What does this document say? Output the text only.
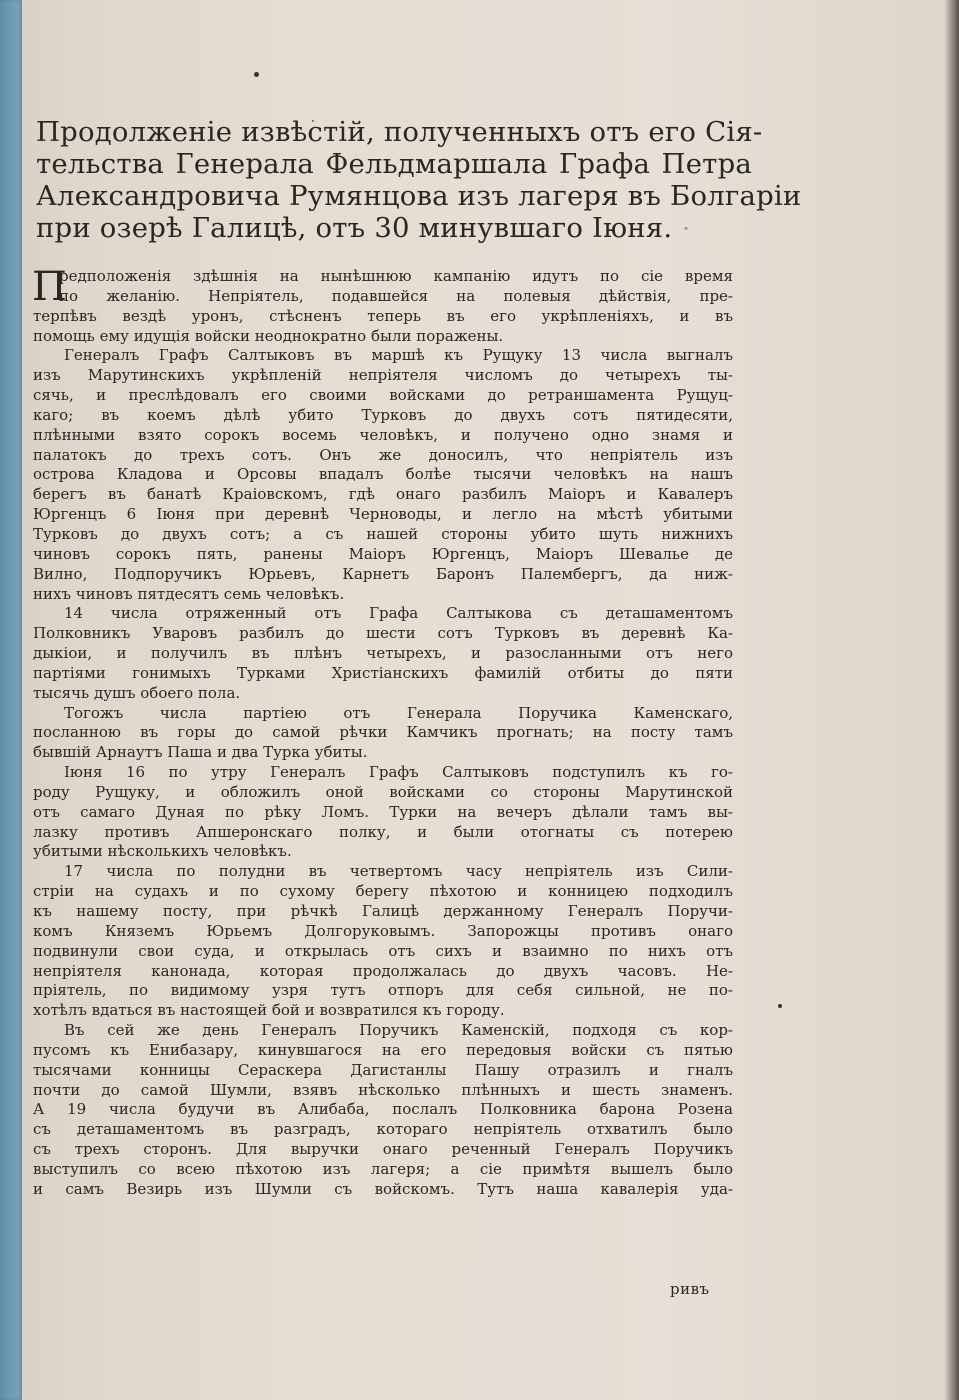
Продолженіе извѣстій, полученныхъ отъ его Сія-
тельства Генерала Фельдмаршала Графа Петра
Александровича Румянцова изъ лагеря въ Болгаріи
при озерѣ Галицѣ, отъ 30 минувшаго Іюня. ·
П
редположенія здѣшнія на нынѣшнюю кампанію идутъ по сіе время
по желанію. Непріятель, подавшейся на полевыя дѣйствія, пре-
терпѣвъ вездѣ уронъ, стѣсненъ теперь въ его укрѣпленіяхъ, и въ
помощь ему идущія войски неоднократно были поражены.
Генералъ Графъ Салтыковъ въ маршѣ къ Рущуку 13 числа выгналъ
изъ Марутинскихъ укрѣпленій непріятеля числомъ до четырехъ ты-
сячь, и преслѣдовалъ его своими войсками до ретраншамента Рущуц-
каго; въ коемъ дѣлѣ убито Турковъ до двухъ сотъ пятидесяти,
плѣнными взято сорокъ восемь человѣкъ, и получено одно знамя и
палатокъ до трехъ сотъ. Онъ же доносилъ, что непріятель изъ
острова Кладова и Орсовы впадалъ болѣе тысячи человѣкъ на нашъ
берегъ въ банатѣ Краіовскомъ, гдѣ онаго разбилъ Маіоръ и Кавалеръ
Юргенцъ 6 Іюня при деревнѣ Черноводы, и легло на мѣстѣ убитыми
Турковъ до двухъ сотъ; а съ нашей стороны убито шуть нижнихъ
чиновъ сорокъ пять, ранены Маіоръ Юргенцъ, Маіоръ Шевалье де
Вилно, Подпоручикъ Юрьевъ, Карнетъ Баронъ Палембергъ, да ниж-
нихъ чиновъ пятдесятъ семь человѣкъ.
14 числа отряженный отъ Графа Салтыкова съ деташаментомъ
Полковникъ Уваровъ разбилъ до шести сотъ Турковъ въ деревнѣ Ка-
дыкіои, и получилъ въ плѣнъ четырехъ, и разосланными отъ него
партіями гонимыхъ Турками Христіанскихъ фамилій отбиты до пяти
тысячь душъ обоего пола.
Тогожъ числа партіею отъ Генерала Поручика Каменскаго,
посланною въ горы до самой рѣчки Камчикъ прогнать; на посту тамъ
бывшій Арнаутъ Паша и два Турка убиты.
Іюня 16 по утру Генералъ Графъ Салтыковъ подступилъ къ го-
роду Рущуку, и обложилъ оной войсками со стороны Марутинской
отъ самаго Дуная по рѣку Ломъ. Турки на вечеръ дѣлали тамъ вы-
лазку противъ Апшеронскаго полку, и были отогнаты съ потерею
убитыми нѣсколькихъ человѣкъ.
17 числа по полудни въ четвертомъ часу непріятель изъ Сили-
стріи на судахъ и по сухому берегу пѣхотою и конницею подходилъ
къ нашему посту, при рѣчкѣ Галицѣ держанному Генералъ Поручи-
комъ Княземъ Юрьемъ Долгоруковымъ. Запорожцы противъ онаго
подвинули свои суда, и открылась отъ сихъ и взаимно по нихъ отъ
непріятеля канонада, которая продолжалась до двухъ часовъ. Не-
пріятель, по видимому узря тутъ отпоръ для себя сильной, не по-
хотѣлъ вдаться въ настоящей бой и возвратился къ городу.
Въ сей же день Генералъ Поручикъ Каменскій, подходя съ кор-
пусомъ къ Енибазару, кинувшагося на его передовыя войски съ пятью
тысячами конницы Сераскера Дагистанлы Пашу отразилъ и гналъ
почти до самой Шумли, взявъ нѣсколько плѣнныхъ и шесть знаменъ.
А 19 числа будучи въ Алибаба, послалъ Полковника барона Розена
съ деташаментомъ въ разградъ, котораго непріятель отхватилъ было
съ трехъ сторонъ. Для выручки онаго реченный Генералъ Поручикъ
выступилъ со всею пѣхотою изъ лагеря; а сіе примѣтя вышелъ было
и самъ Везирь изъ Шумли съ войскомъ. Тутъ наша кавалерія уда-
ривъ
